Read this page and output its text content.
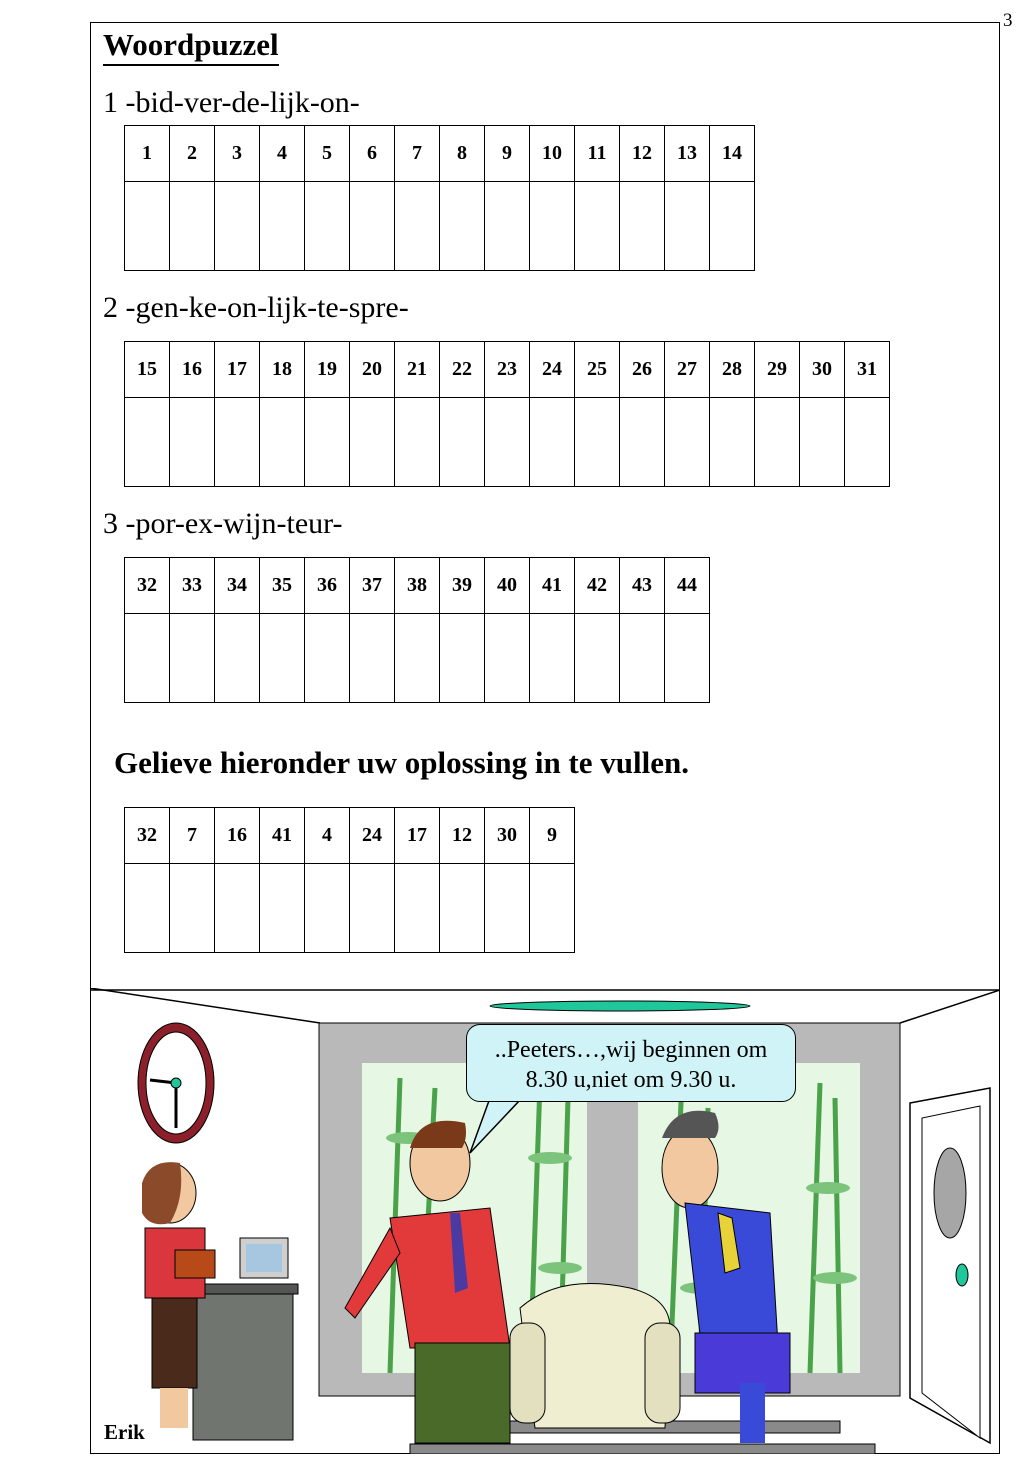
3
Woordpuzzel
1 -bid-ver-de-lijk-on-
1	2	3	4	5	6	7	8	9	10	11	12	13	14

2 -gen-ke-on-lijk-te-spre-
15	16	17	18	19	20	21	22	23	24	25	26	27	28	29	30	31

3 -por-ex-wijn-teur-
32	33	34	35	36	37	38	39	40	41	42	43	44

Gelieve hieronder uw oplossing in te vullen.
32	7	16	41	4	24	17	12	30	9

..Peeters…,wij beginnen om
8.30 u,niet om 9.30 u.
Erik
